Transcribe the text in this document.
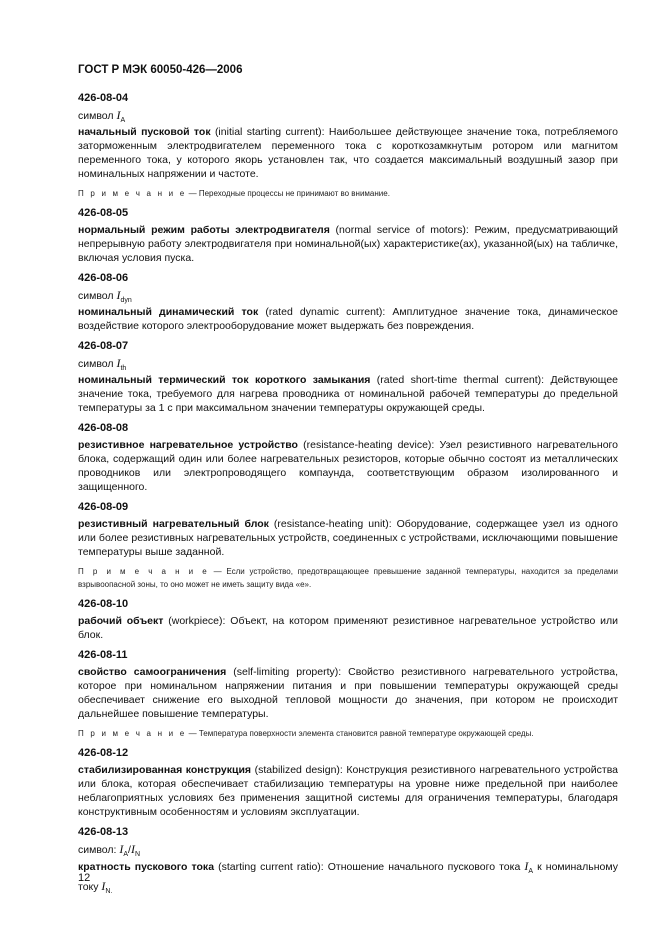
ГОСТ Р МЭК 60050-426—2006
426-08-04
символ $I_A$

начальный пусковой ток (initial starting current): Наибольшее действующее значение тока, потребляемого заторможенным электродвигателем переменного тока с короткозамкнутым ротором или магнитом переменного тока, у которого якорь установлен так, что создается максимальный воздушный зазор при номинальных напряжении и частоте.

П р и м е ч а н и е — Переходные процессы не принимают во внимание.

426-08-05

нормальный режим работы электродвигателя (normal service of motors): Режим, предусматривающий непрерывную работу электродвигателя при номинальной(ых) характеристике(ах), указанной(ых) на табличке, включая условия пуска.

426-08-06
символ $I_{dyn}$

номинальный динамический ток (rated dynamic current): Амплитудное значение тока, динамическое воздействие которого электрооборудование может выдержать без повреждения.

426-08-07
символ $I_{th}$

номинальный термический ток короткого замыкания (rated short-time thermal current): Действующее значение тока, требуемого для нагрева проводника от номинальной рабочей температуры до предельной температуры за 1 с при максимальном значении температуры окружающей среды.

426-08-08

резистивное нагревательное устройство (resistance-heating device): Узел резистивного нагревательного блока, содержащий один или более нагревательных резисторов, которые обычно состоят из металлических проводников или электропроводящего компаунда, соответствующим образом изолированного и защищенного.

426-08-09

резистивный нагревательный блок (resistance-heating unit): Оборудование, содержащее узел из одного или более резистивных нагревательных устройств, соединенных с устройствами, исключающими повышение температуры выше заданной.

П р и м е ч а н и е — Если устройство, предотвращающее превышение заданной температуры, находится за пределами взрывоопасной зоны, то оно может не иметь защиту вида «e».

426-08-10

рабочий объект (workpiece): Объект, на котором применяют резистивное нагревательное устройство или блок.

426-08-11

свойство самоограничения (self-limiting property): Свойство резистивного нагревательного устройства, которое при номинальном напряжении питания и при повышении температуры окружающей среды обеспечивает снижение его выходной тепловой мощности до значения, при котором не происходит дальнейшее повышение температуры.

П р и м е ч а н и е — Температура поверхности элемента становится равной температуре окружающей среды.

426-08-12

стабилизированная конструкция (stabilized design): Конструкция резистивного нагревательного устройства или блока, которая обеспечивает стабилизацию температуры на уровне ниже предельной при наиболее неблагоприятных условиях без применения защитной системы для ограничения температуры, благодаря конструктивным особенностям и условиям эксплуатации.

426-08-13
символ: $I_A/I_N$

кратность пускового тока (starting current ratio): Отношение начального пускового тока $I_A$ к номинальному току $I_{N.}$

12
